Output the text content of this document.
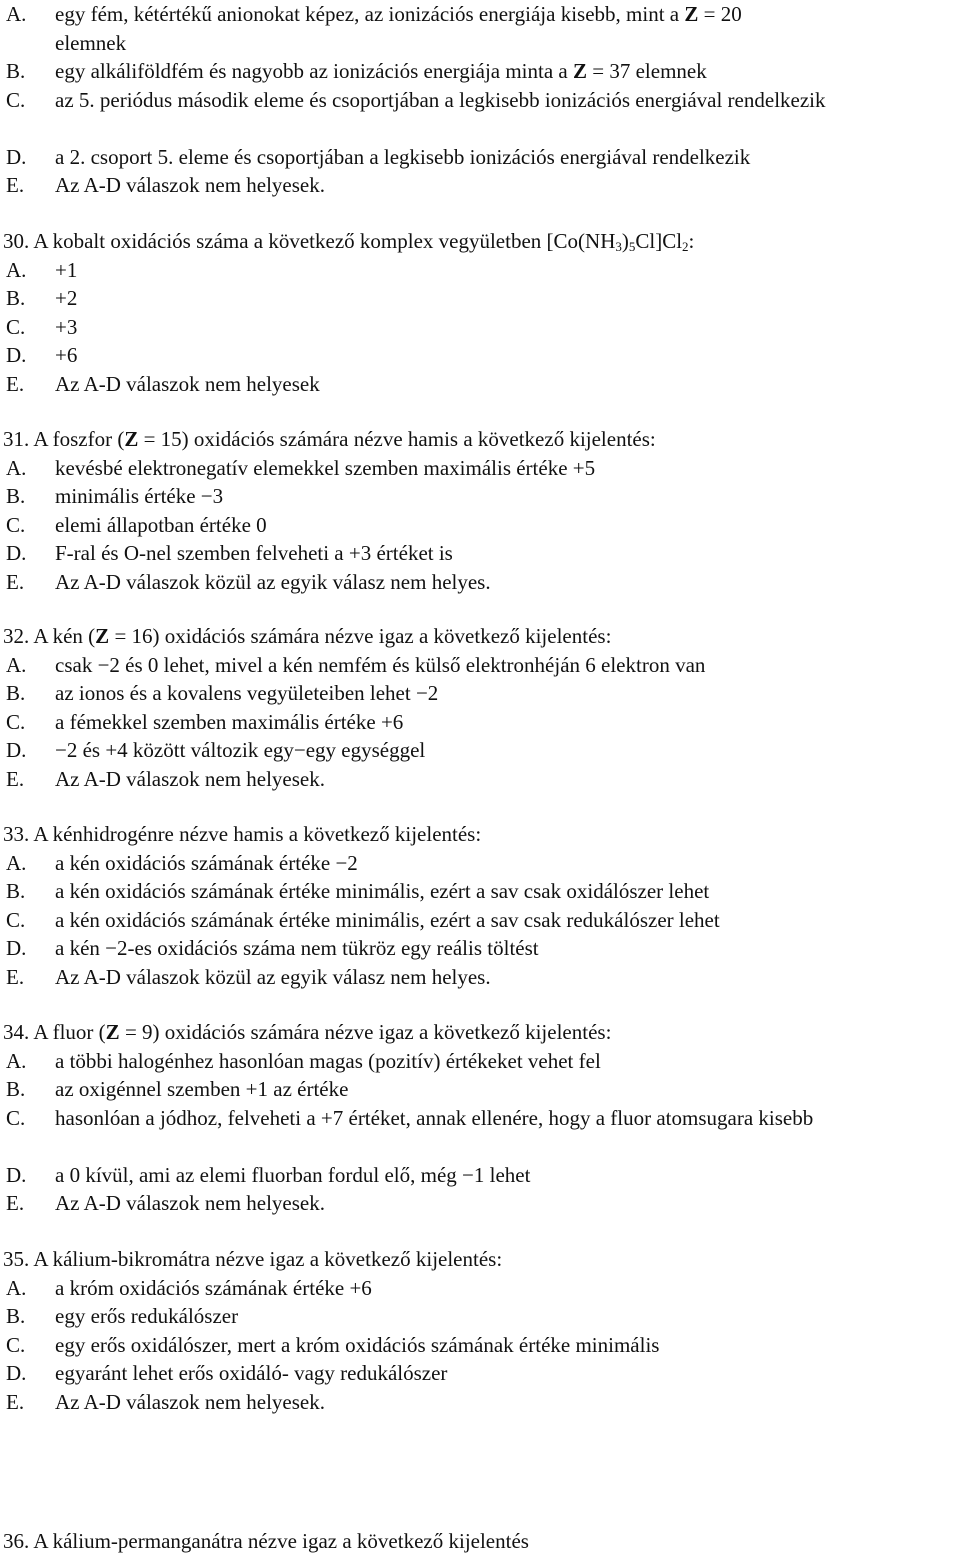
A.	egy fém, kétértékű anionokat képez, az ionizációs energiája kisebb, mint a Z = 20
elemnek
B.	egy alkáliföldfém és nagyobb az ionizációs energiája minta a Z = 37 elemnek
C.	az 5. periódus második eleme és csoportjában a legkisebb ionizációs energiával rendelkezik
D.	a 2. csoport 5. eleme és csoportjában a legkisebb ionizációs energiával rendelkezik
E.	Az A-D válaszok nem helyesek.
30. A kobalt oxidációs száma a következő komplex vegyületben $[Co(NH_3)_5Cl]Cl_2$:
A.	+1
B.	+2
C.	+3
D.	+6
E.	Az A-D válaszok nem helyesek
31. A foszfor (Z = 15) oxidációs számára nézve hamis a következő kijelentés:
A.	kevésbé elektronegatív elemekkel szemben maximális értéke +5
B.	minimális értéke −3
C.	elemi állapotban értéke 0
D.	F-ral és O-nel szemben felveheti a +3 értéket is
E.	Az A-D válaszok közül az egyik válasz nem helyes.
32. A kén (Z = 16) oxidációs számára nézve igaz a következő kijelentés:
A.	csak −2 és 0 lehet, mivel a kén nemfém és külső elektronhéján 6 elektron van
B.	az ionos és a kovalens vegyületeiben lehet −2
C.	a fémekkel szemben maximális értéke +6
D.	−2 és +4 között változik egy−egy egységgel
E.	Az A-D válaszok nem helyesek.
33. A kénhidrogénre nézve hamis a következő kijelentés:
A.	a kén oxidációs számának értéke −2
B.	a kén oxidációs számának értéke minimális, ezért a sav csak oxidálószer lehet
C.	a kén oxidációs számának értéke minimális, ezért a sav csak redukálószer lehet
D.	a kén −2-es oxidációs száma nem tükröz egy reális töltést
E.	Az A-D válaszok közül az egyik válasz nem helyes.
34. A fluor (Z = 9) oxidációs számára nézve igaz a következő kijelentés:
A.	a többi halogénhez hasonlóan magas (pozitív) értékeket vehet fel
B.	az oxigénnel szemben +1 az értéke
C.	hasonlóan a jódhoz, felveheti a +7 értéket, annak ellenére, hogy a fluor atomsugara kisebb
D.	a 0 kívül, ami az elemi fluorban fordul elő, még −1 lehet
E.	Az A-D válaszok nem helyesek.
35. A kálium-bikromátra nézve igaz a következő kijelentés:
A.	a króm oxidációs számának értéke +6
B.	egy erős redukálószer
C.	egy erős oxidálószer, mert a króm oxidációs számának értéke minimális
D.	egyaránt lehet erős oxidáló- vagy redukálószer
E.	Az A-D válaszok nem helyesek.
36. A kálium-permanganátra nézve igaz a következő kijelentés
